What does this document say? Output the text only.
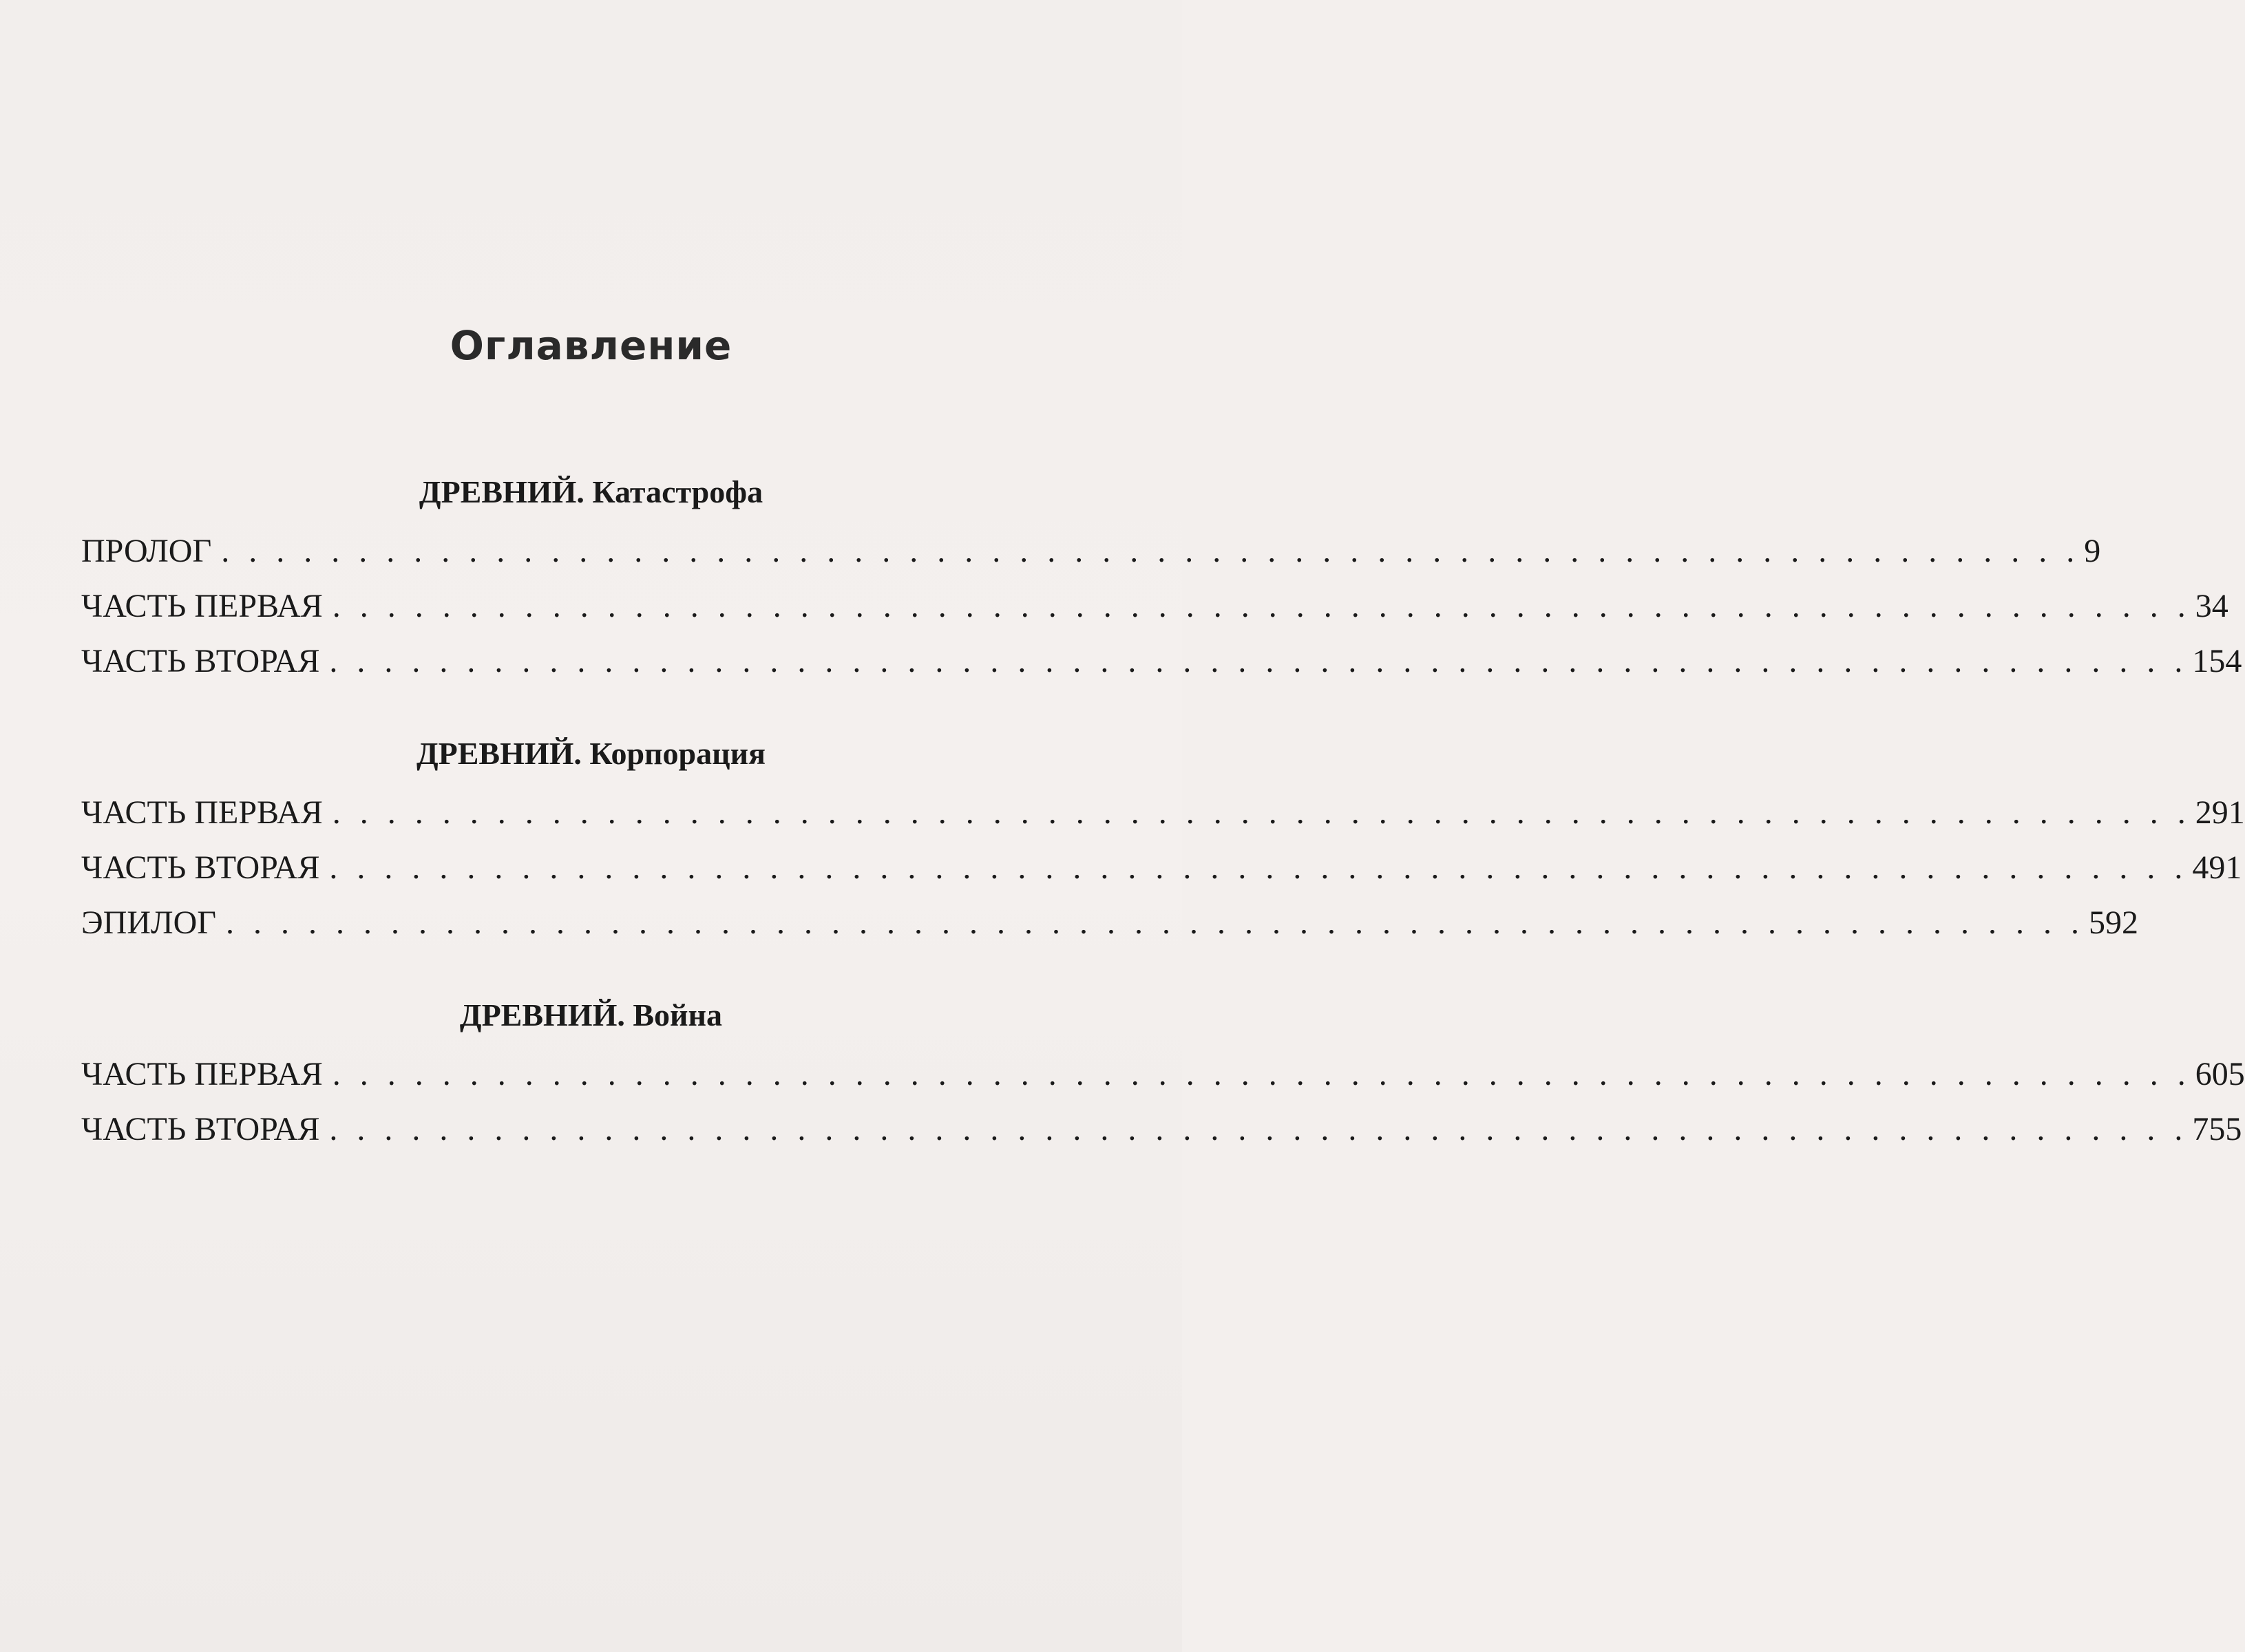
Оглавление
ДРЕВНИЙ. Катастрофа
ПРОЛОГ . . . . . . . . . . . . . . . . . . . . . . . . . . . . . . . . . . . . . . . . . . . . . . . . . . . . . . . . . . . . . . . . . . . . 9
ЧАСТЬ ПЕРВАЯ . . . . . . . . . . . . . . . . . . . . . . . . . . . . . . . . . . . . . . . . . . . . . . . . . . . . . . . . . . . . . . . . . . . . 34
ЧАСТЬ ВТОРАЯ . . . . . . . . . . . . . . . . . . . . . . . . . . . . . . . . . . . . . . . . . . . . . . . . . . . . . . . . . . . . . . . . . . . . 154
ДРЕВНИЙ. Корпорация
ЧАСТЬ ПЕРВАЯ . . . . . . . . . . . . . . . . . . . . . . . . . . . . . . . . . . . . . . . . . . . . . . . . . . . . . . . . . . . . . . . . . . . . 291
ЧАСТЬ ВТОРАЯ . . . . . . . . . . . . . . . . . . . . . . . . . . . . . . . . . . . . . . . . . . . . . . . . . . . . . . . . . . . . . . . . . . . . 491
ЭПИЛОГ . . . . . . . . . . . . . . . . . . . . . . . . . . . . . . . . . . . . . . . . . . . . . . . . . . . . . . . . . . . . . . . . . . . . 592
ДРЕВНИЙ. Война
ЧАСТЬ ПЕРВАЯ . . . . . . . . . . . . . . . . . . . . . . . . . . . . . . . . . . . . . . . . . . . . . . . . . . . . . . . . . . . . . . . . . . . . 605
ЧАСТЬ ВТОРАЯ . . . . . . . . . . . . . . . . . . . . . . . . . . . . . . . . . . . . . . . . . . . . . . . . . . . . . . . . . . . . . . . . . . . . 755
